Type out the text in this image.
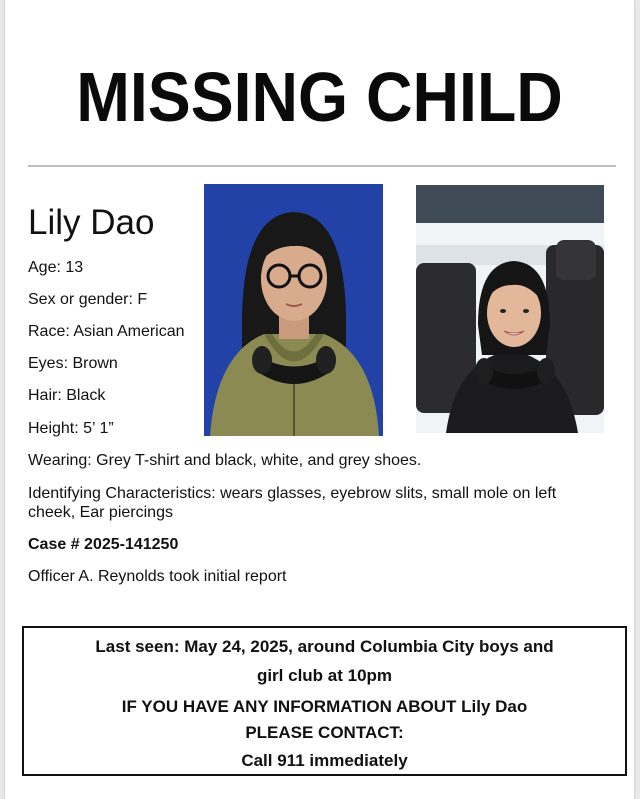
MISSING CHILD
Lily Dao
Age: 13
Sex or gender: F
Race: Asian American
Eyes: Brown
Hair: Black
Height: 5’ 1”
Wearing: Grey T-shirt and black, white, and grey shoes.
Identifying Characteristics: wears glasses, eyebrow slits, small mole on left
cheek, Ear piercings
Case # 2025-141250
Officer A. Reynolds took initial report
Last seen: May 24, 2025, around Columbia City boys and
girl club at 10pm
IF YOU HAVE ANY INFORMATION ABOUT Lily Dao
PLEASE CONTACT:
Call 911 immediately
